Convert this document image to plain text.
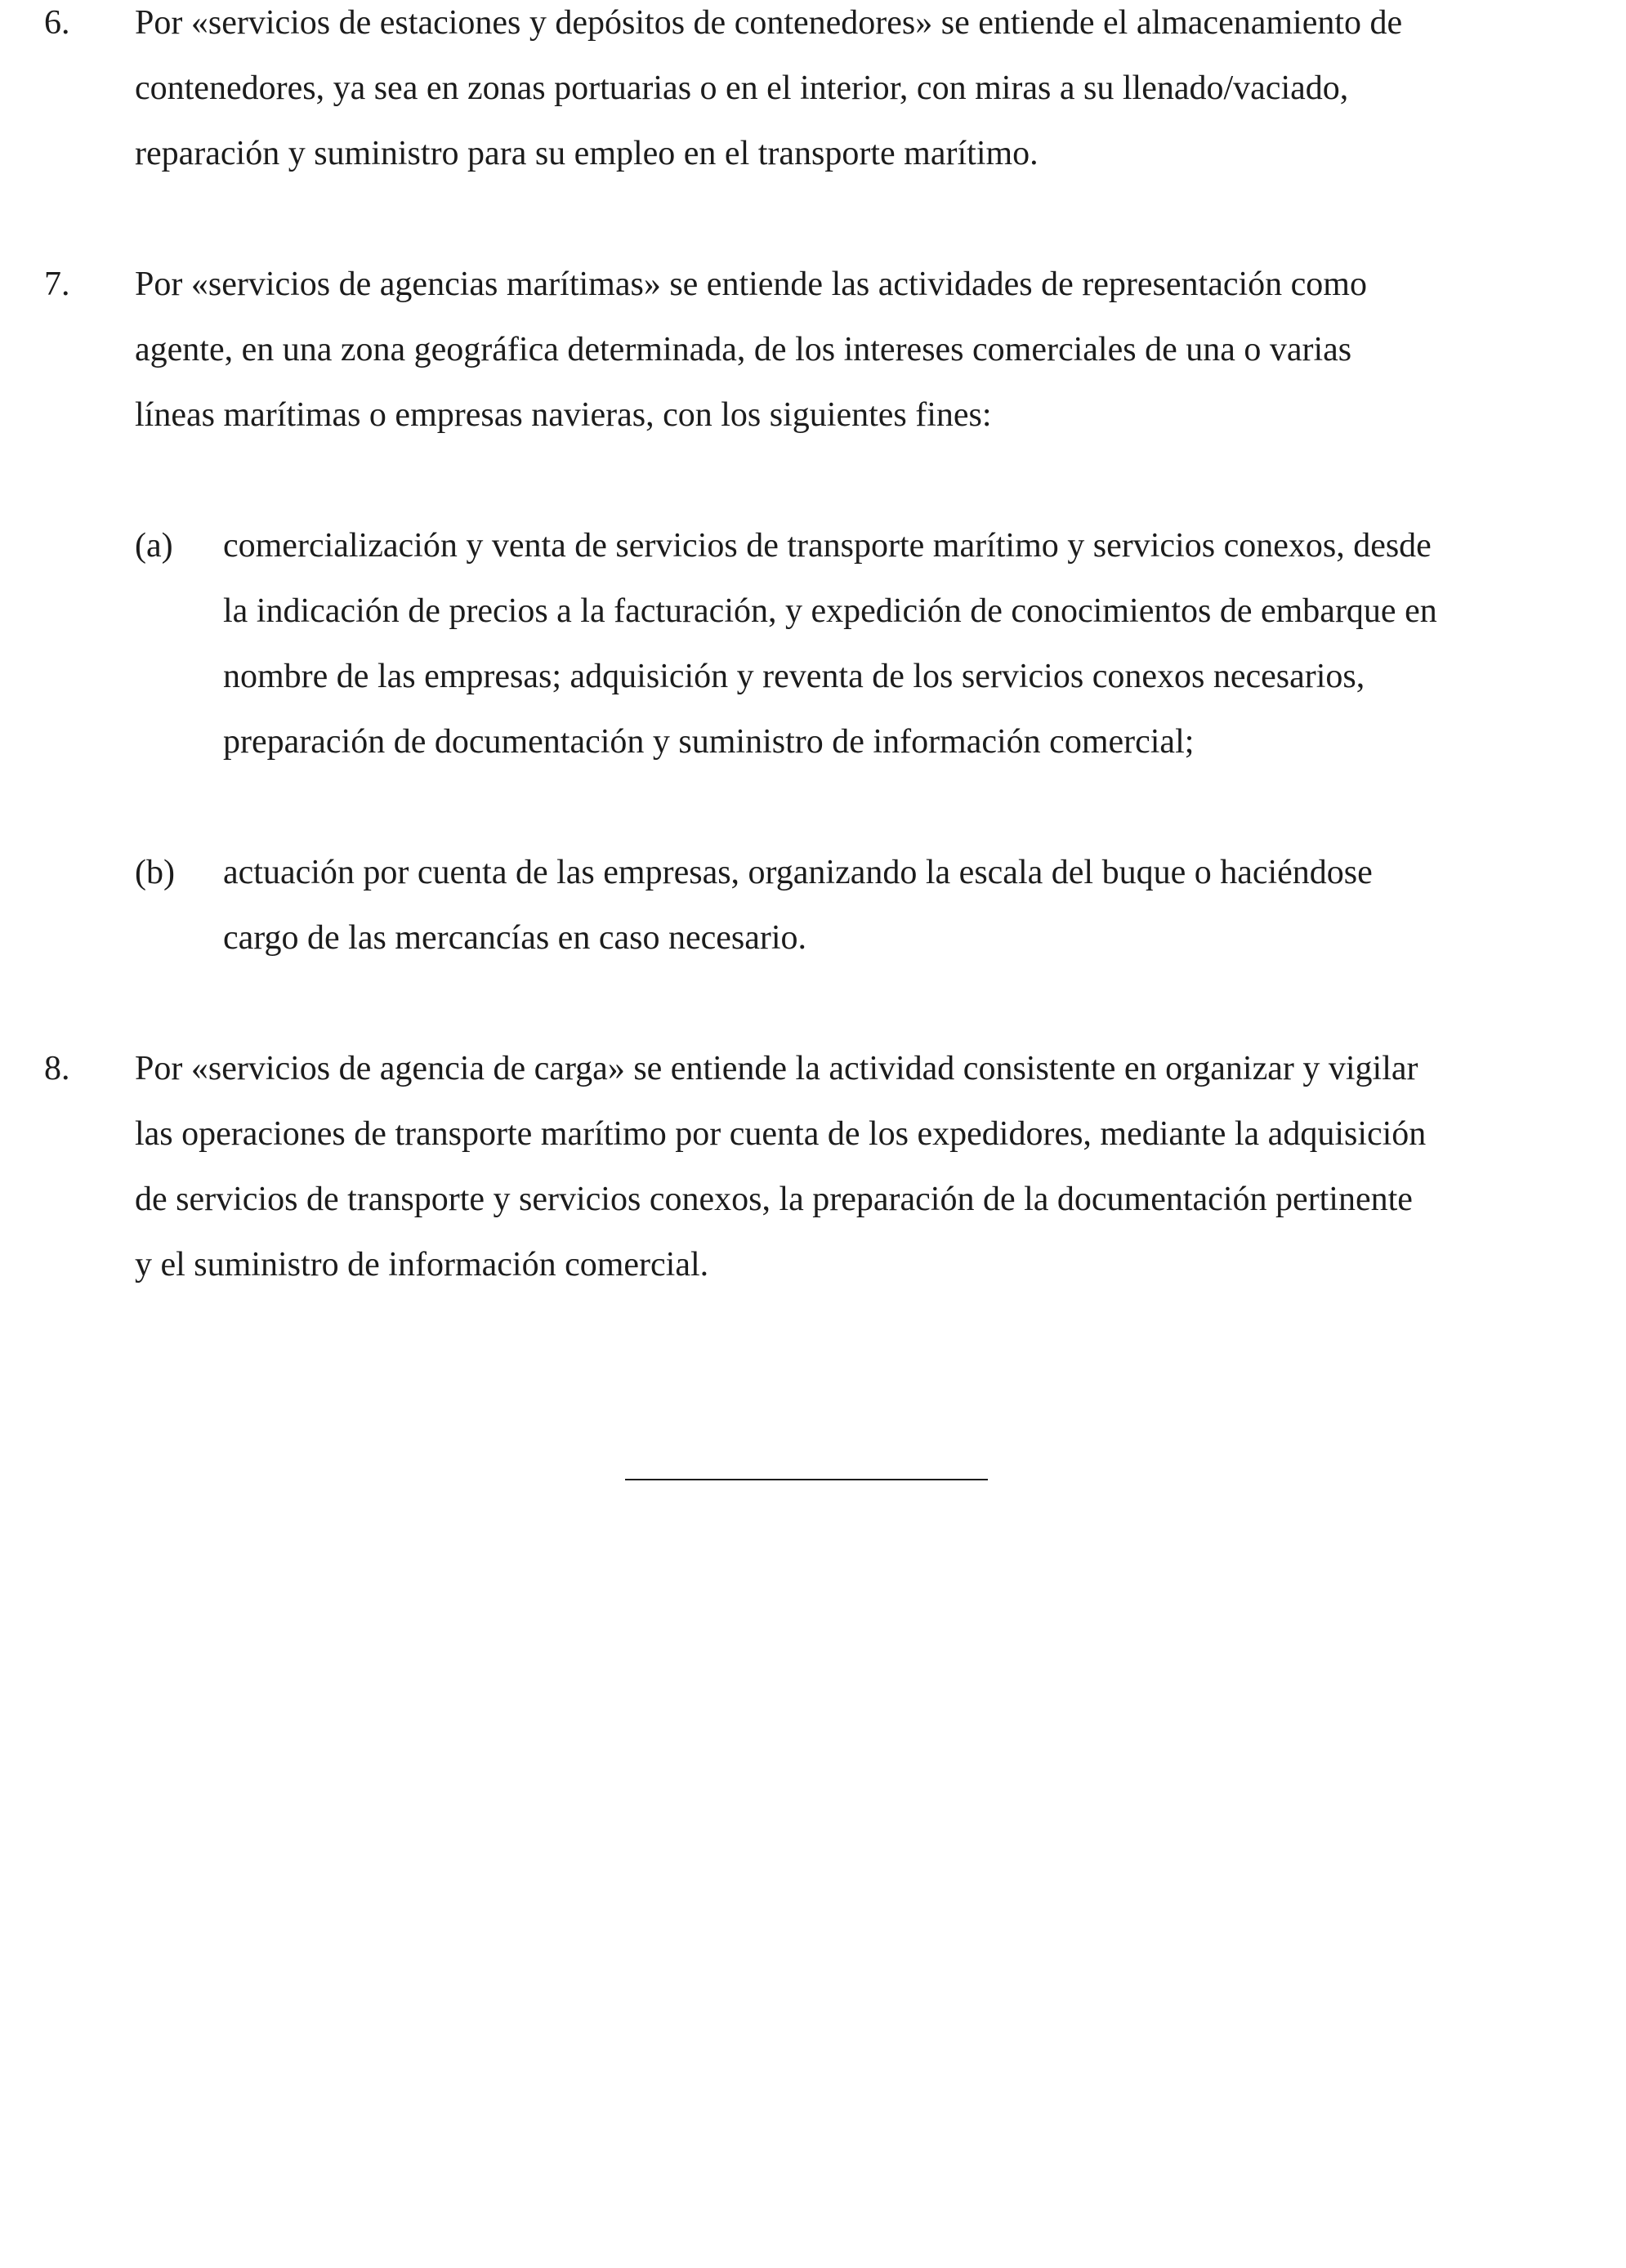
6. Por «servicios de estaciones y depósitos de contenedores» se entiende el almacenamiento de
contenedores, ya sea en zonas portuarias o en el interior, con miras a su llenado/vaciado,
reparación y suministro para su empleo en el transporte marítimo.
7. Por «servicios de agencias marítimas» se entiende las actividades de representación como
agente, en una zona geográfica determinada, de los intereses comerciales de una o varias
líneas marítimas o empresas navieras, con los siguientes fines:
(a) comercialización y venta de servicios de transporte marítimo y servicios conexos, desde
la indicación de precios a la facturación, y expedición de conocimientos de embarque en
nombre de las empresas; adquisición y reventa de los servicios conexos necesarios,
preparación de documentación y suministro de información comercial;
(b) actuación por cuenta de las empresas, organizando la escala del buque o haciéndose
cargo de las mercancías en caso necesario.
8. Por «servicios de agencia de carga» se entiende la actividad consistente en organizar y vigilar
las operaciones de transporte marítimo por cuenta de los expedidores, mediante la adquisición
de servicios de transporte y servicios conexos, la preparación de la documentación pertinente
y el suministro de información comercial.
